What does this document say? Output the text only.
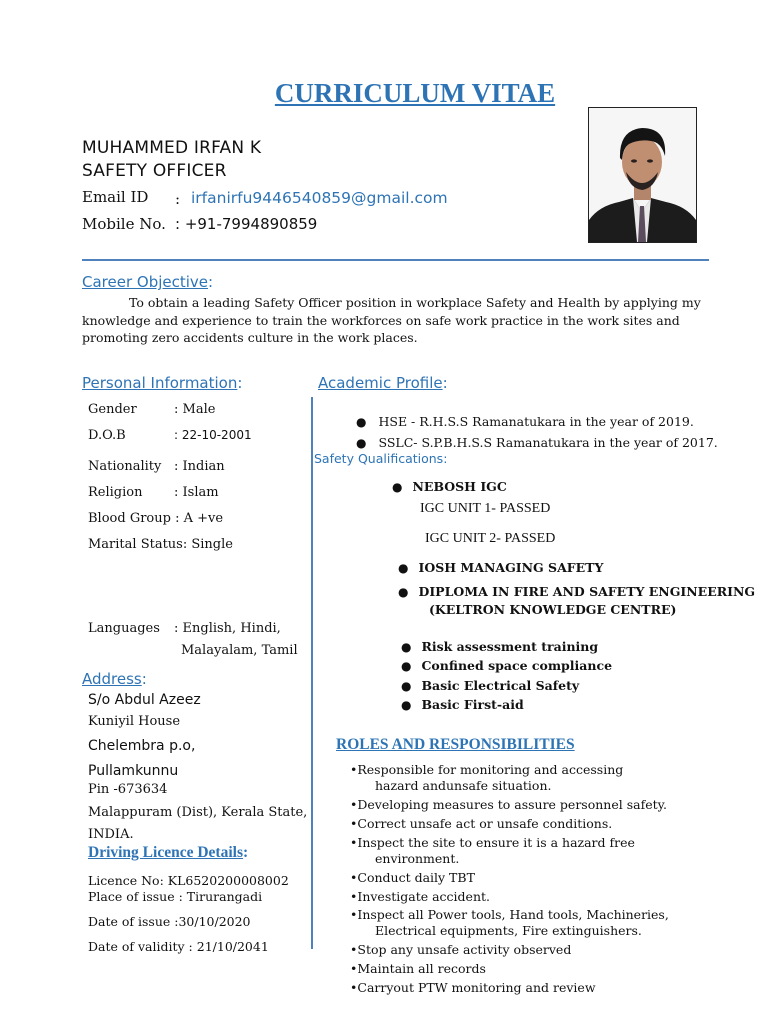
CURRICULUM VITAE
MUHAMMED IRFAN K
SAFETY OFFICER
Email ID : irfanirfu9446540859@gmail.com
Mobile No. : +91-7994890859
Career Objective:
To obtain a leading Safety Officer position in workplace Safety and Health by applying my
knowledge and experience to train the workforces on safe work practice in the work sites and
promoting zero accidents culture in the work places.
Personal Information:
Gender	: Male
D.O.B	: 22-10-2001
Nationality : Indian
Religion : Islam
Blood Group : A +ve
Marital Status: Single
Languages : English, Hindi,
Malayalam, Tamil
Address:
S/o Abdul Azeez
Kuniyil House
Chelembra p.o,
Pullamkunnu
Pin -673634
Malappuram (Dist), Kerala State,
INDIA.
Driving Licence Details:
Licence No: KL6520200008002
Place of issue : Tirurangadi
Date of issue :30/10/2020
Date of validity : 21/10/2041
Academic Profile:
● HSE - R.H.S.S Ramanatukara in the year of 2019.
● SSLC- S.P.B.H.S.S Ramanatukara in the year of 2017.
Safety Qualifications:
● NEBOSH IGC
IGC UNIT 1- PASSED
IGC UNIT 2- PASSED
● IOSH MANAGING SAFETY
● DIPLOMA IN FIRE AND SAFETY ENGINEERING
(KELTRON KNOWLEDGE CENTRE)
● Risk assessment training
● Confined space compliance
● Basic Electrical Safety
● Basic First-aid
ROLES AND RESPONSIBILITIES
•Responsible for monitoring and accessing
hazard andunsafe situation.
•Developing measures to assure personnel safety.
•Correct unsafe act or unsafe conditions.
•Inspect the site to ensure it is a hazard free
environment.
•Conduct daily TBT
•Investigate accident.
•Inspect all Power tools, Hand tools, Machineries,
Electrical equipments, Fire extinguishers.
•Stop any unsafe activity observed
•Maintain all records
•Carryout PTW monitoring and review
